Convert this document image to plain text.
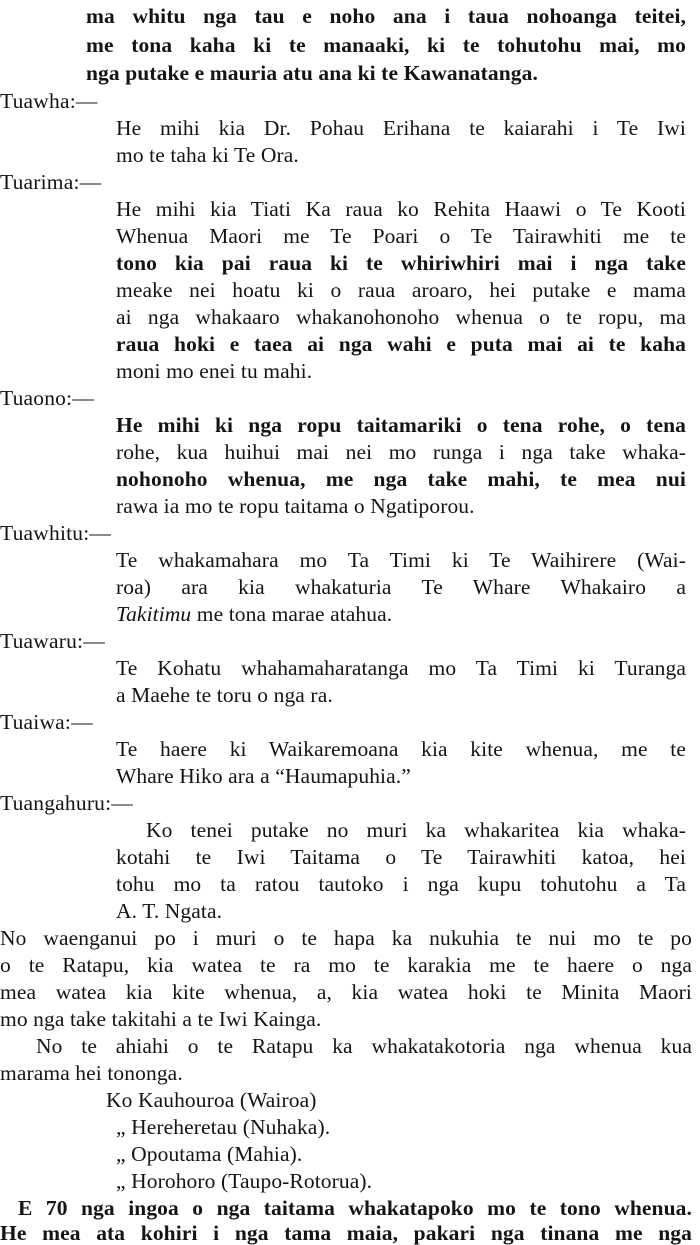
ma whitu nga tau e noho ana i taua nohoanga teitei,
me tona kaha ki te manaaki, ki te tohutohu mai, mo
nga putake e mauria atu ana ki te Kawanatanga.
Tuawha:—
He mihi kia Dr. Pohau Erihana te kaiarahi i Te Iwi
mo te taha ki Te Ora.
Tuarima:—
He mihi kia Tiati Ka raua ko Rehita Haawi o Te Kooti
Whenua Maori me Te Poari o Te Tairawhiti me te
tono kia pai raua ki te whiriwhiri mai i nga take
meake nei hoatu ki o raua aroaro, hei putake e mama
ai nga whakaaro whakanohonoho whenua o te ropu, ma
raua hoki e taea ai nga wahi e puta mai ai te kaha
moni mo enei tu mahi.
Tuaono:—
He mihi ki nga ropu taitamariki o tena rohe, o tena
rohe, kua huihui mai nei mo runga i nga take whaka-
nohonoho whenua, me nga take mahi, te mea nui
rawa ia mo te ropu taitama o Ngatiporou.
Tuawhitu:—
Te whakamahara mo Ta Timi ki Te Waihirere (Wai-
roa) ara kia whakaturia Te Whare Whakairo a
Takitimu me tona marae atahua.
Tuawaru:—
Te Kohatu whahamaharatanga mo Ta Timi ki Turanga
a Maehe te toru o nga ra.
Tuaiwa:—
Te haere ki Waikaremoana kia kite whenua, me te
Whare Hiko ara a “Haumapuhia.”
Tuangahuru:—
Ko tenei putake no muri ka whakaritea kia whaka-
kotahi te Iwi Taitama o Te Tairawhiti katoa, hei
tohu mo ta ratou tautoko i nga kupu tohutohu a Ta
A. T. Ngata.
No waenganui po i muri o te hapa ka nukuhia te nui mo te po
o te Ratapu, kia watea te ra mo te karakia me te haere o nga
mea watea kia kite whenua, a, kia watea hoki te Minita Maori
mo nga take takitahi a te Iwi Kainga.
No te ahiahi o te Ratapu ka whakatakotoria nga whenua kua
marama hei tononga.
Ko Kauhouroa (Wairoa)
„ Hereheretau (Nuhaka).
„ Opoutama (Mahia).
„ Horohoro (Taupo-Rotorua).
E 70 nga ingoa o nga taitama whakatapoko mo te tono whenua.
He mea ata kohiri i nga tama maia, pakari nga tinana me nga
